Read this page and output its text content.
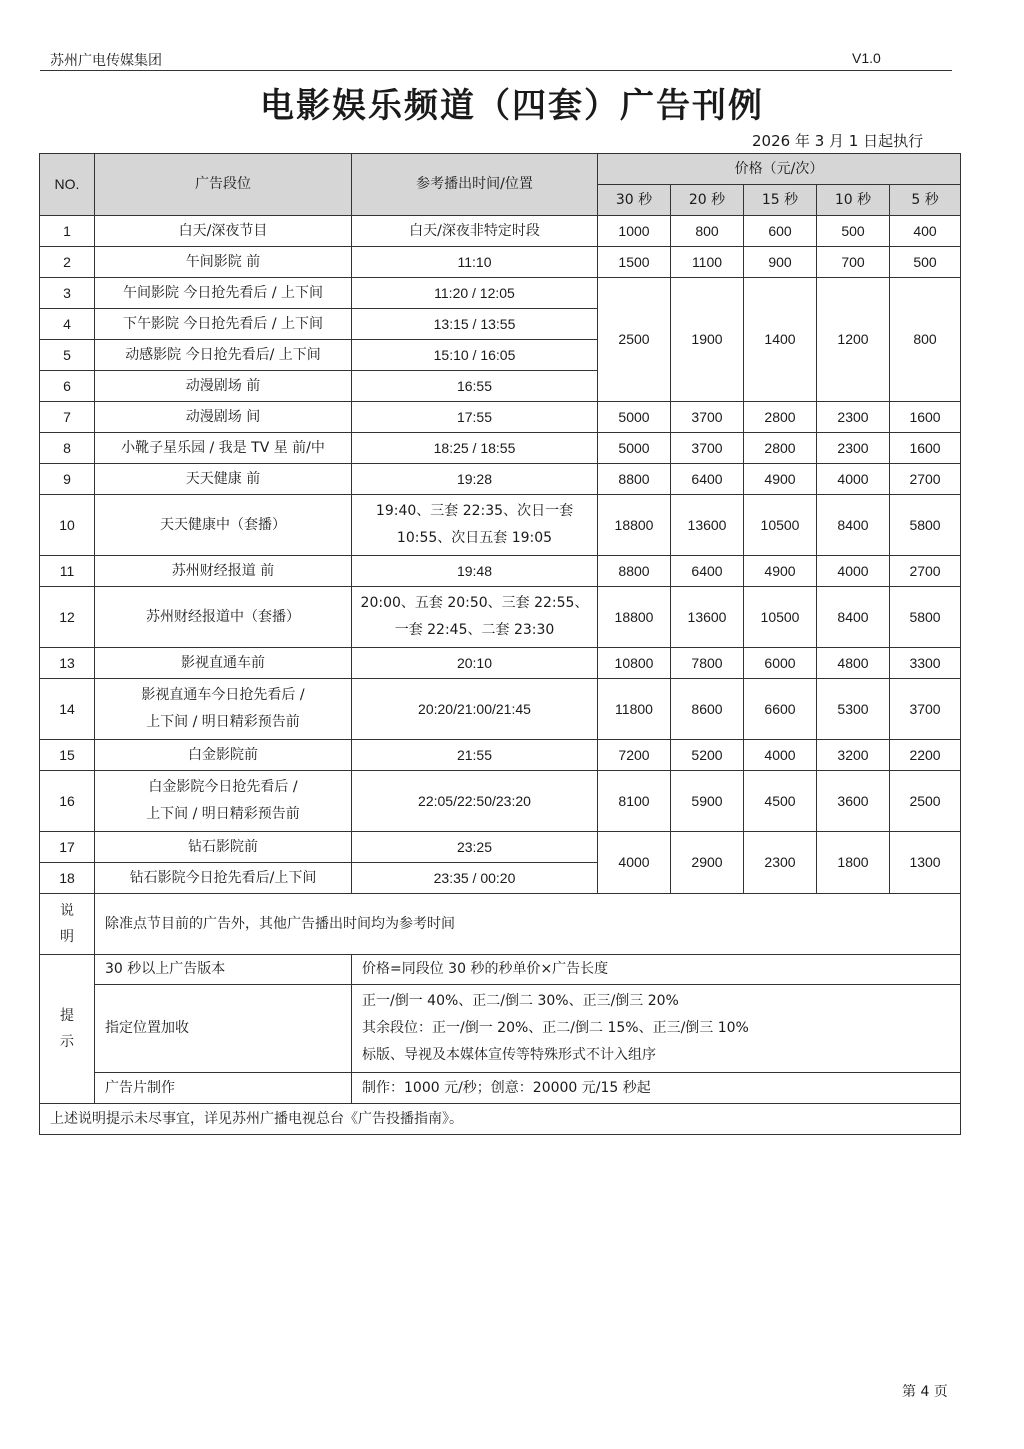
苏州广电传媒集团	V1.0
电影娱乐频道（四套）广告刊例
2026 年 3 月 1 日起执行
NO.	广告段位	参考播出时间/位置	价格（元/次）				
			30 秒	20 秒	15 秒	10 秒	5 秒
1	白天/深夜节目	白天/深夜非特定时段	1000	800	600	500	400
2	午间影院 前	11:10	1500	1100	900	700	500
3	午间影院 今日抢先看后 / 上下间	11:20 / 12:05	2500	1900	1400	1200	800
4	下午影院 今日抢先看后 / 上下间	13:15 / 13:55					
5	动感影院 今日抢先看后/ 上下间	15:10 / 16:05					
6	动漫剧场 前	16:55					
7	动漫剧场 间	17:55	5000	3700	2800	2300	1600
8	小靴子星乐园 / 我是 TV 星 前/中	18:25 / 18:55	5000	3700	2800	2300	1600
9	天天健康 前	19:28	8800	6400	4900	4000	2700
10	天天健康中（套播）	19:40、三套 22:35、次日一套
10:55、次日五套 19:05	18800	13600	10500	8400	5800
11	苏州财经报道 前	19:48	8800	6400	4900	4000	2700
12	苏州财经报道中（套播）	20:00、五套 20:50、三套 22:55、
一套 22:45、二套 23:30	18800	13600	10500	8400	5800
13	影视直通车前	20:10	10800	7800	6000	4800	3300
14	影视直通车今日抢先看后 /
上下间 / 明日精彩预告前	20:20/21:00/21:45	11800	8600	6600	5300	3700
15	白金影院前	21:55	7200	5200	4000	3200	2200
16	白金影院今日抢先看后 /
上下间 / 明日精彩预告前	22:05/22:50/23:20	8100	5900	4500	3600	2500
17	钻石影院前	23:25	4000	2900	2300	1800	1300
18	钻石影院今日抢先看后/上下间	23:35 / 00:20					

说
明	除准点节目前的广告外，其他广告播出时间均为参考时间						

提
示	30 秒以上广告版本	价格=同段位 30 秒的秒单价×广告长度					
	指定位置加收	正一/倒一 40%、正二/倒二 30%、正三/倒三 20%
其余段位：正一/倒一 20%、正二/倒二 15%、正三/倒三 10%
标版、导视及本媒体宣传等特殊形式不计入组序					

	广告片制作	制作：1000 元/秒；创意：20000 元/15 秒起					
上述说明提示未尽事宜，详见苏州广播电视总台《广告投播指南》。							
第 4 页
